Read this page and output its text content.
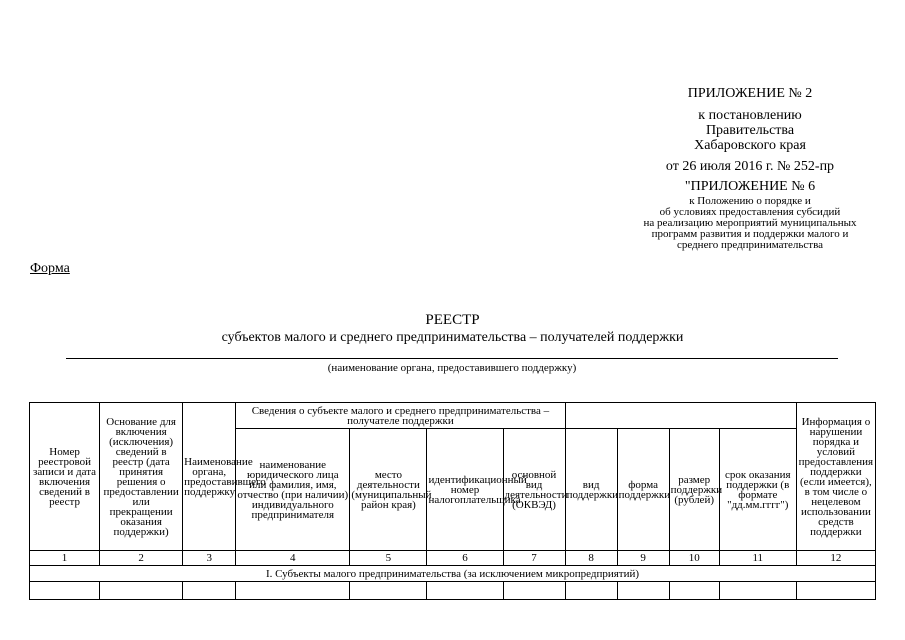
ПРИЛОЖЕНИЕ № 2
к постановлению
Правительства
Хабаровского края
от 26 июля 2016 г. № 252-пр
"ПРИЛОЖЕНИЕ № 6
к Положению о порядке и
об условиях предоставления субсидий
на реализацию мероприятий муниципальных
программ развития и поддержки малого и
среднего предпринимательства
Форма
РЕЕСТР
субъектов малого и среднего предпринимательства – получателей поддержки
(наименование органа, предоставившего поддержку)
Номер реестровой записи и дата включения сведений в реестр	Основание для включения (исключения) сведений в реестр (дата принятия решения о предоставлении или прекращении оказания поддержки)	Наименование органа, предоставившего поддержку	Сведения о субъекте малого и среднего предпринимательства – получателе поддержки								Информация о нарушении порядка и условий предоставления поддержки (если имеется), в том числе о нецелевом использовании средств поддержки
			наименование юридического лица или фамилия, имя, отчество (при наличии) индивидуального предпринимателя	место деятельности (муниципальный район края)	идентификационный номер налогоплательщика	основной вид деятельности (ОКВЭД)	вид поддержки	форма поддержки	размер поддержки (рублей)	срок оказания поддержки (в формате "дд.мм.гггг")	
1	2	3	4	5	6	7	8	9	10	11	12
I. Субъекты малого предпринимательства (за исключением микропредприятий)											
